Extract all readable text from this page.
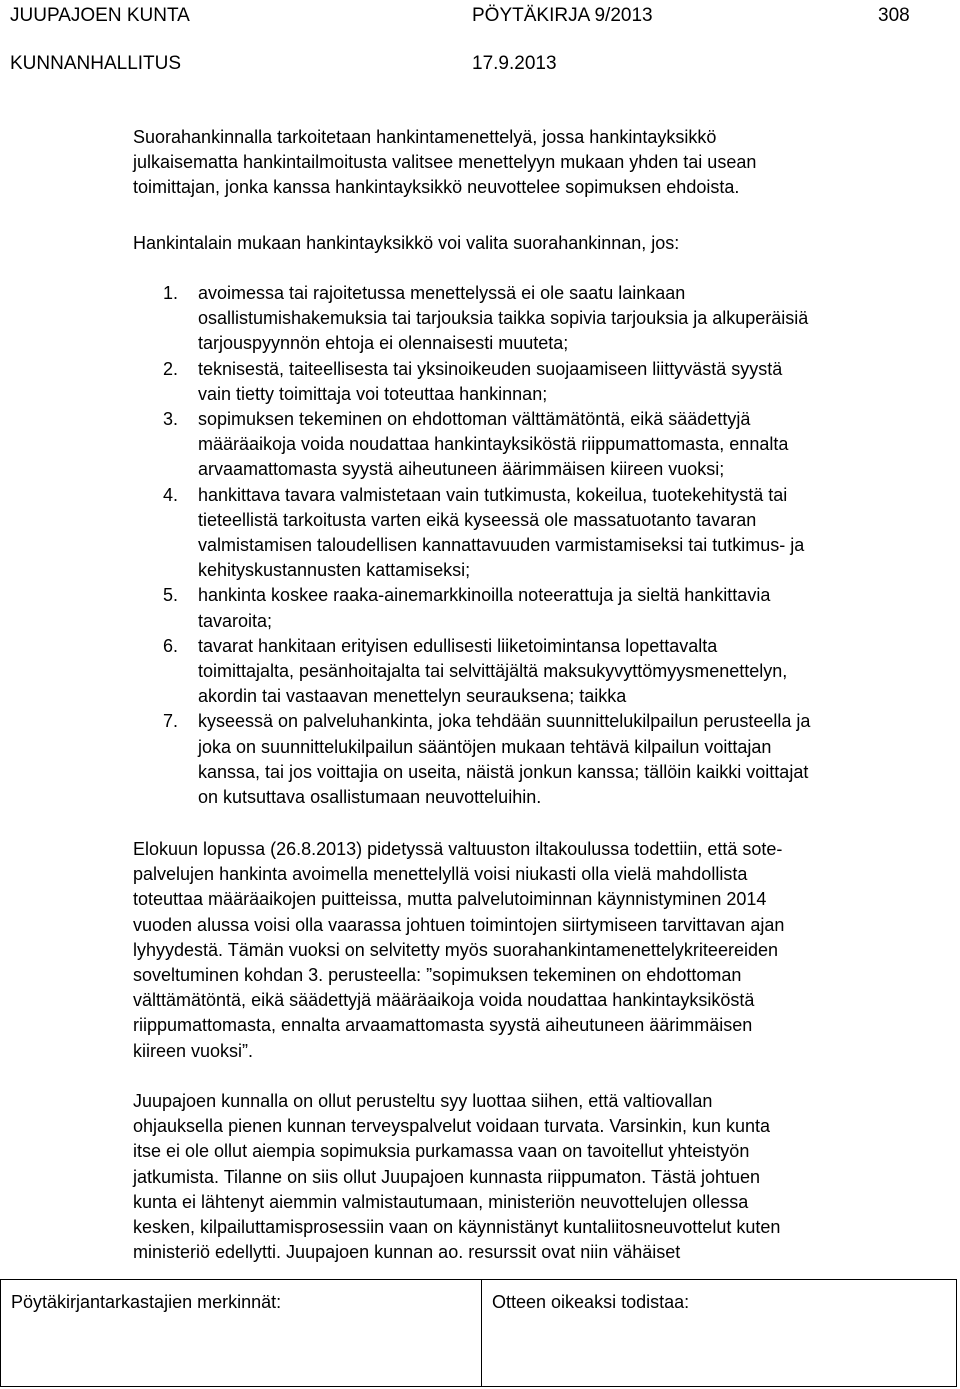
JUUPAJOEN KUNTA	PÖYTÄKIRJA 9/2013	308
KUNNANHALLITUS	17.9.2013

Suorahankinnalla tarkoitetaan hankintamenettelyä, jossa hankintayksikkö
julkaisematta hankintailmoitusta valitsee menettelyyn mukaan yhden tai usean
toimittajan, jonka kanssa hankintayksikkö neuvottelee sopimuksen ehdoista.

Hankintalain mukaan hankintayksikkö voi valita suorahankinnan, jos:

1. avoimessa tai rajoitetussa menettelyssä ei ole saatu lainkaan
osallistumishakemuksia tai tarjouksia taikka sopivia tarjouksia ja alkuperäisiä
tarjouspyynnön ehtoja ei olennaisesti muuteta;
2. teknisestä, taiteellisesta tai yksinoikeuden suojaamiseen liittyvästä syystä
vain tietty toimittaja voi toteuttaa hankinnan;
3. sopimuksen tekeminen on ehdottoman välttämätöntä, eikä säädettyjä
määräaikoja voida noudattaa hankintayksiköstä riippumattomasta, ennalta
arvaamattomasta syystä aiheutuneen äärimmäisen kiireen vuoksi;
4. hankittava tavara valmistetaan vain tutkimusta, kokeilua, tuotekehitystä tai
tieteellistä tarkoitusta varten eikä kyseessä ole massatuotanto tavaran
valmistamisen taloudellisen kannattavuuden varmistamiseksi tai tutkimus- ja
kehityskustannusten kattamiseksi;
5. hankinta koskee raaka-ainemarkkinoilla noteerattuja ja sieltä hankittavia
tavaroita;
6. tavarat hankitaan erityisen edullisesti liiketoimintansa lopettavalta
toimittajalta, pesänhoitajalta tai selvittäjältä maksukyvyttömyysmenettelyn,
akordin tai vastaavan menettelyn seurauksena; taikka
7. kyseessä on palveluhankinta, joka tehdään suunnittelukilpailun perusteella ja
joka on suunnittelukilpailun sääntöjen mukaan tehtävä kilpailun voittajan
kanssa, tai jos voittajia on useita, näistä jonkun kanssa; tällöin kaikki voittajat
on kutsuttava osallistumaan neuvotteluihin.

Elokuun lopussa (26.8.2013) pidetyssä valtuuston iltakoulussa todettiin, että sote-
palvelujen hankinta avoimella menettelyllä voisi niukasti olla vielä mahdollista
toteuttaa määräaikojen puitteissa, mutta palvelutoiminnan käynnistyminen 2014
vuoden alussa voisi olla vaarassa johtuen toimintojen siirtymiseen tarvittavan ajan
lyhyydestä. Tämän vuoksi on selvitetty myös suorahankintamenettelykriteereiden
soveltuminen kohdan 3. perusteella: ”sopimuksen tekeminen on ehdottoman
välttämätöntä, eikä säädettyjä määräaikoja voida noudattaa hankintayksiköstä
riippumattomasta, ennalta arvaamattomasta syystä aiheutuneen äärimmäisen
kiireen vuoksi”.

Juupajoen kunnalla on ollut perusteltu syy luottaa siihen, että valtiovallan
ohjauksella pienen kunnan terveyspalvelut voidaan turvata. Varsinkin, kun kunta
itse ei ole ollut aiempia sopimuksia purkamassa vaan on tavoitellut yhteistyön
jatkumista. Tilanne on siis ollut Juupajoen kunnasta riippumaton. Tästä johtuen
kunta ei lähtenyt aiemmin valmistautumaan, ministeriön neuvottelujen ollessa
kesken, kilpailuttamisprosessiin vaan on käynnistänyt kuntaliitosneuvottelut kuten
ministeriö edellytti. Juupajoen kunnan ao. resurssit ovat niin vähäiset

Pöytäkirjantarkastajien merkinnät:	Otteen oikeaksi todistaa:
